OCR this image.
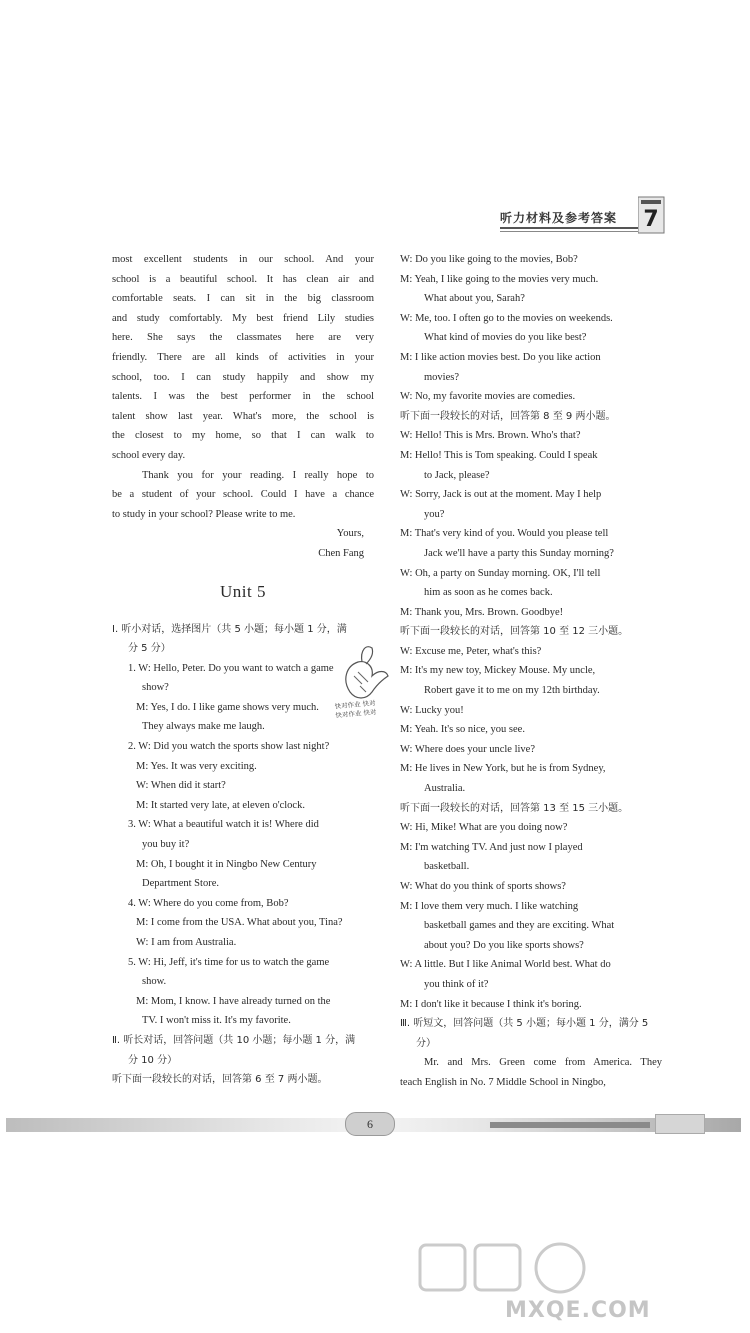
听力材料及参考答案 7
most excellent students in our school. And your
school is a beautiful school. It has clean air and
comfortable seats. I can sit in the big classroom
and study comfortably. My best friend Lily studies
here. She says the classmates here are very
friendly. There are all kinds of activities in your
school, too. I can study happily and show my
talents. I was the best performer in the school
talent show last year. What's more, the school is
the closest to my home, so that I can walk to
school every day.
Thank you for your reading. I really hope to
be a student of your school. Could I have a chance
to study in your school? Please write to me.
Yours,
Chen Fang
Unit 5
Ⅰ. 听小对话，选择图片（共 5 小题；每小题 1 分，满
分 5 分）
1. W: Hello, Peter. Do you want to watch a game
show?
M: Yes, I do. I like game shows very much.
They always make me laugh.
2. W: Did you watch the sports show last night?
M: Yes. It was very exciting.
W: When did it start?
M: It started very late, at eleven o'clock.
3. W: What a beautiful watch it is! Where did
you buy it?
M: Oh, I bought it in Ningbo New Century
Department Store.
4. W: Where do you come from, Bob?
M: I come from the USA. What about you, Tina?
W: I am from Australia.
5. W: Hi, Jeff, it's time for us to watch the game
show.
M: Mom, I know. I have already turned on the
TV. I won't miss it. It's my favorite.
Ⅱ. 听长对话，回答问题（共 10 小题；每小题 1 分，满
分 10 分）
听下面一段较长的对话，回答第 6 至 7 两小题。
快对作业 快对
快对作业 快对
W: Do you like going to the movies, Bob?
M: Yeah, I like going to the movies very much.
What about you, Sarah?
W: Me, too. I often go to the movies on weekends.
What kind of movies do you like best?
M: I like action movies best. Do you like action
movies?
W: No, my favorite movies are comedies.
听下面一段较长的对话，回答第 8 至 9 两小题。
W: Hello! This is Mrs. Brown. Who's that?
M: Hello! This is Tom speaking. Could I speak
to Jack, please?
W: Sorry, Jack is out at the moment. May I help
you?
M: That's very kind of you. Would you please tell
Jack we'll have a party this Sunday morning?
W: Oh, a party on Sunday morning. OK, I'll tell
him as soon as he comes back.
M: Thank you, Mrs. Brown. Goodbye!
听下面一段较长的对话，回答第 10 至 12 三小题。
W: Excuse me, Peter, what's this?
M: It's my new toy, Mickey Mouse. My uncle,
Robert gave it to me on my 12th birthday.
W: Lucky you!
M: Yeah. It's so nice, you see.
W: Where does your uncle live?
M: He lives in New York, but he is from Sydney,
Australia.
听下面一段较长的对话，回答第 13 至 15 三小题。
W: Hi, Mike! What are you doing now?
M: I'm watching TV. And just now I played
basketball.
W: What do you think of sports shows?
M: I love them very much. I like watching
basketball games and they are exciting. What
about you? Do you like sports shows?
W: A little. But I like Animal World best. What do
you think of it?
M: I don't like it because I think it's boring.
Ⅲ. 听短文，回答问题（共 5 小题；每小题 1 分，满分 5
分）
Mr. and Mrs. Green come from America. They
teach English in No. 7 Middle School in Ningbo,
6
MXQE.COM
